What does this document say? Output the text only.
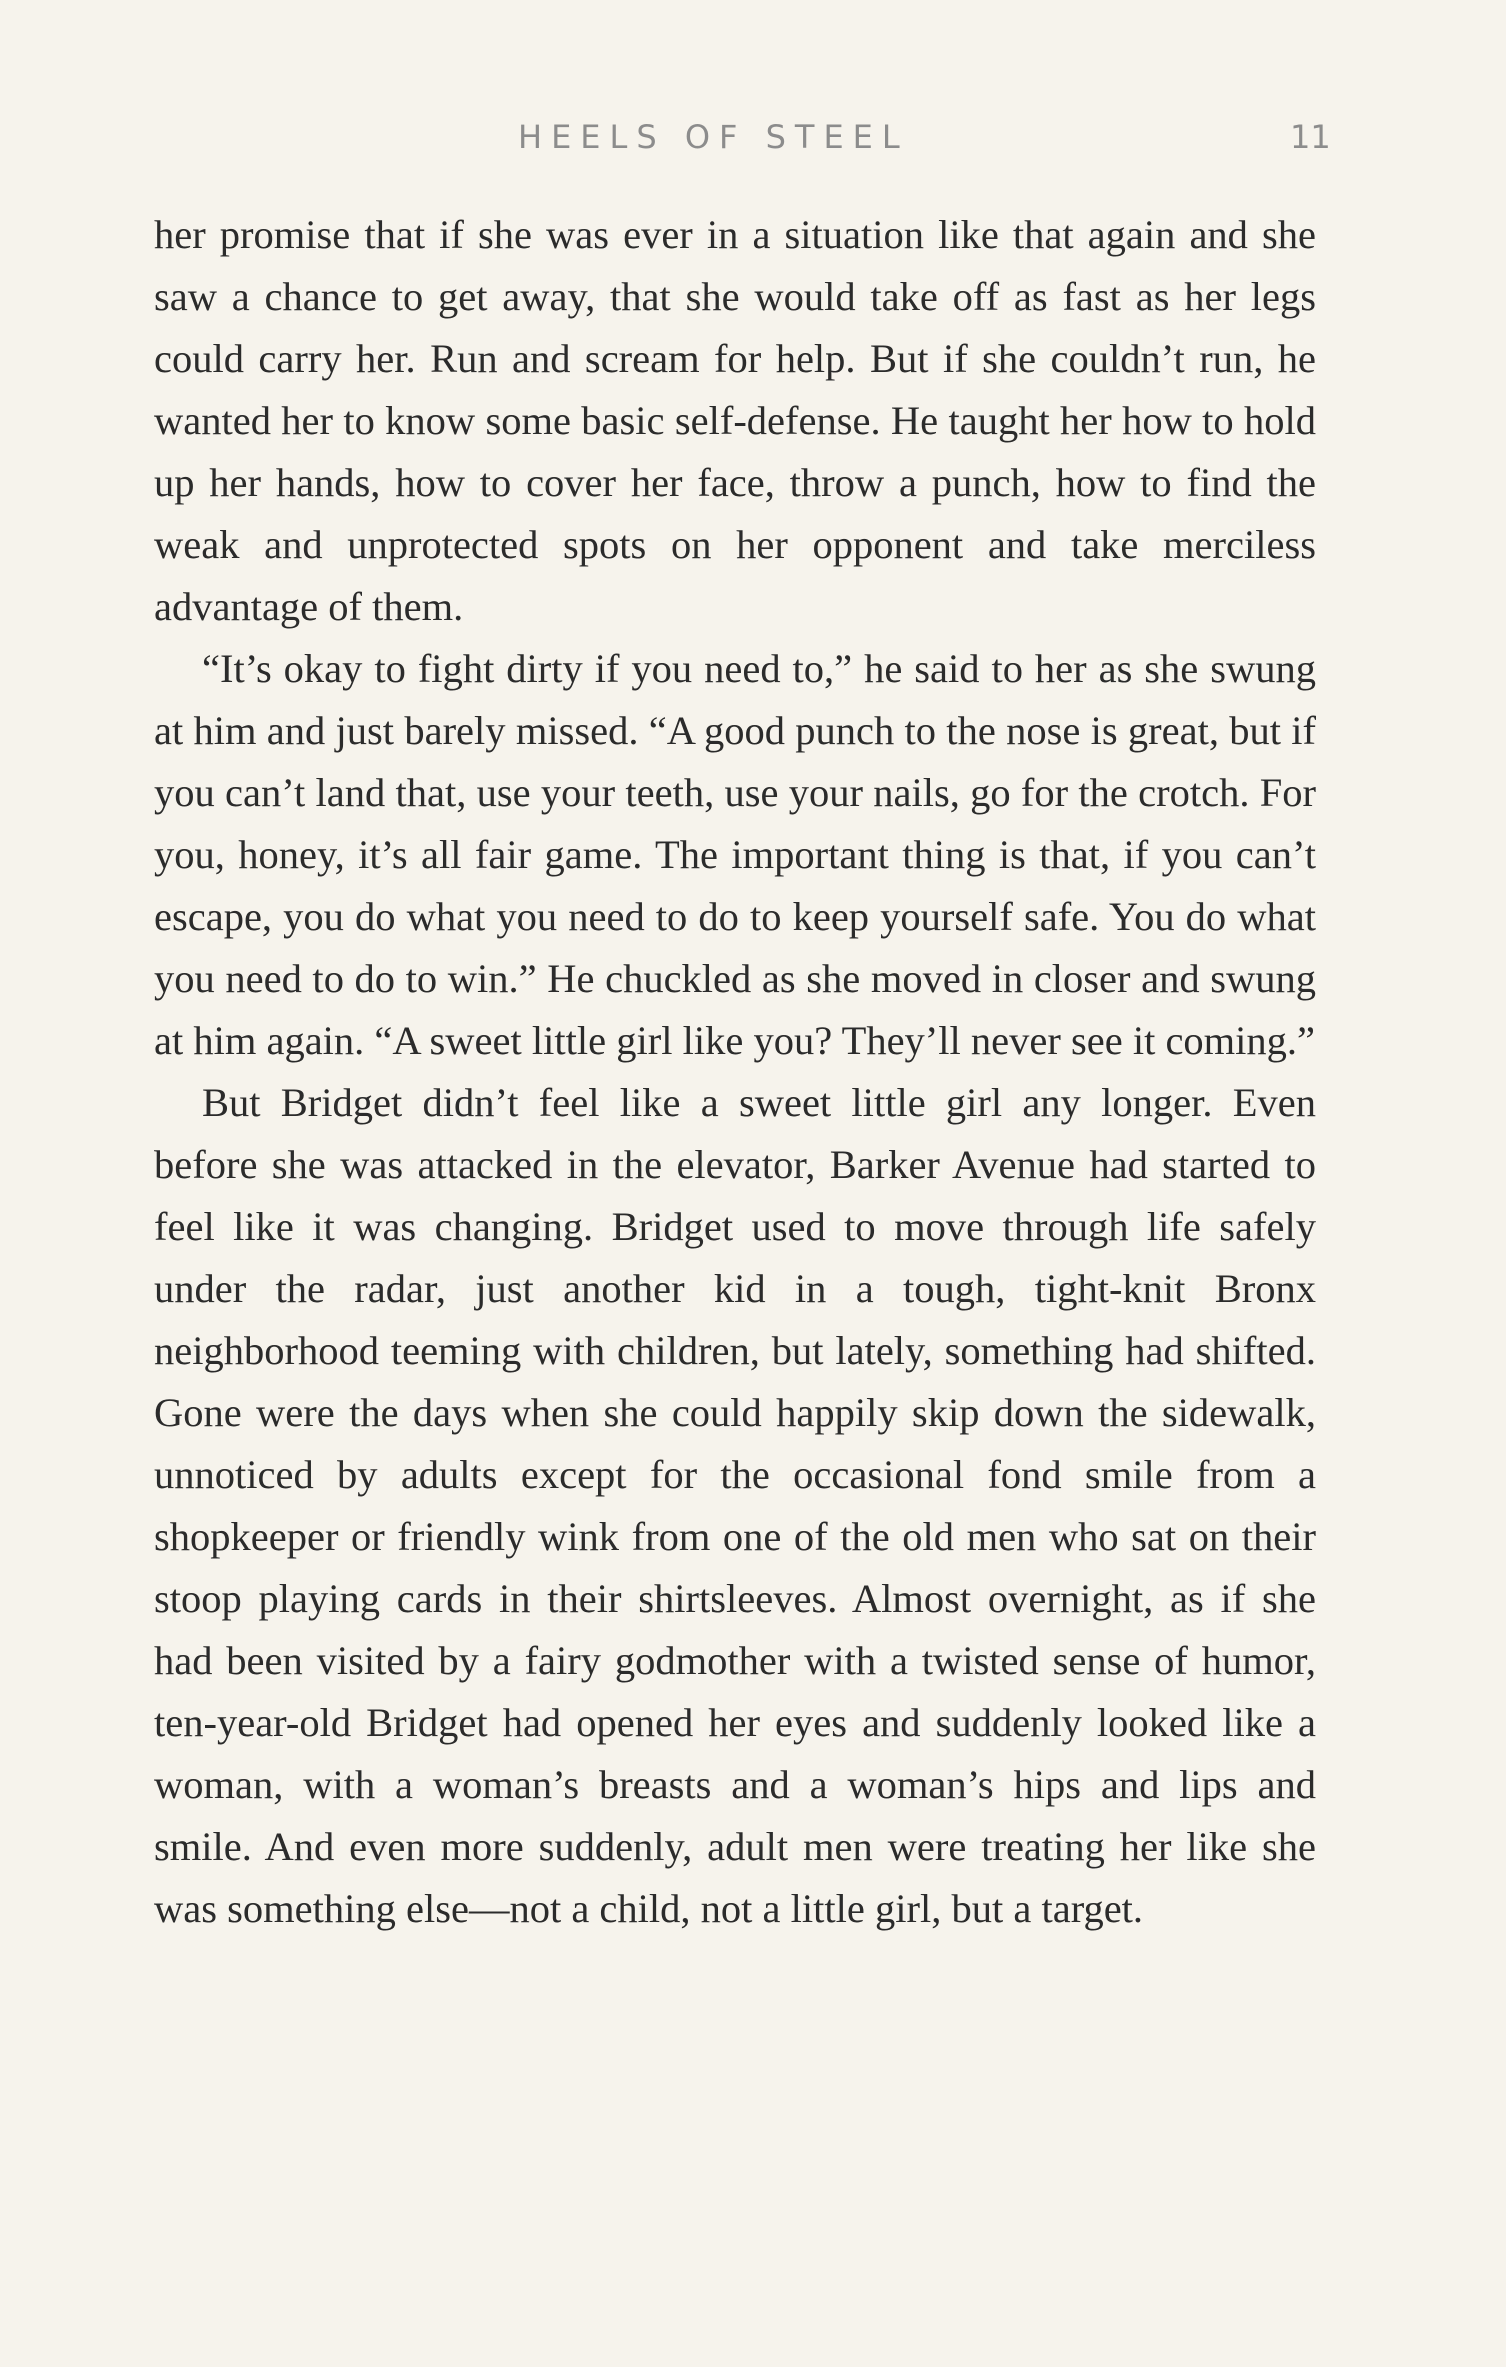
HEELS OF STEEL	11

her promise that if she was ever in a situation like that again and she saw a chance to get away, that she would take off as fast as her legs could carry her. Run and scream for help. But if she couldn’t run, he wanted her to know some basic self-defense. He taught her how to hold up her hands, how to cover her face, throw a punch, how to find the weak and unprotected spots on her opponent and take merciless advantage of them.

“It’s okay to fight dirty if you need to,” he said to her as she swung at him and just barely missed. “A good punch to the nose is great, but if you can’t land that, use your teeth, use your nails, go for the crotch. For you, honey, it’s all fair game. The important thing is that, if you can’t escape, you do what you need to do to keep yourself safe. You do what you need to do to win.” He chuckled as she moved in closer and swung at him again. “A sweet little girl like you? They’ll never see it coming.”

But Bridget didn’t feel like a sweet little girl any longer. Even before she was attacked in the elevator, Barker Avenue had started to feel like it was changing. Bridget used to move through life safely under the radar, just another kid in a tough, tight-knit Bronx neighborhood teeming with children, but lately, something had shifted. Gone were the days when she could happily skip down the sidewalk, unnoticed by adults except for the occasional fond smile from a shopkeeper or friendly wink from one of the old men who sat on their stoop playing cards in their shirtsleeves. Almost overnight, as if she had been visited by a fairy godmother with a twisted sense of humor, ten-year-old Bridget had opened her eyes and suddenly looked like a woman, with a woman’s breasts and a woman’s hips and lips and smile. And even more suddenly, adult men were treating her like she was something else—not a child, not a little girl, but a target.
